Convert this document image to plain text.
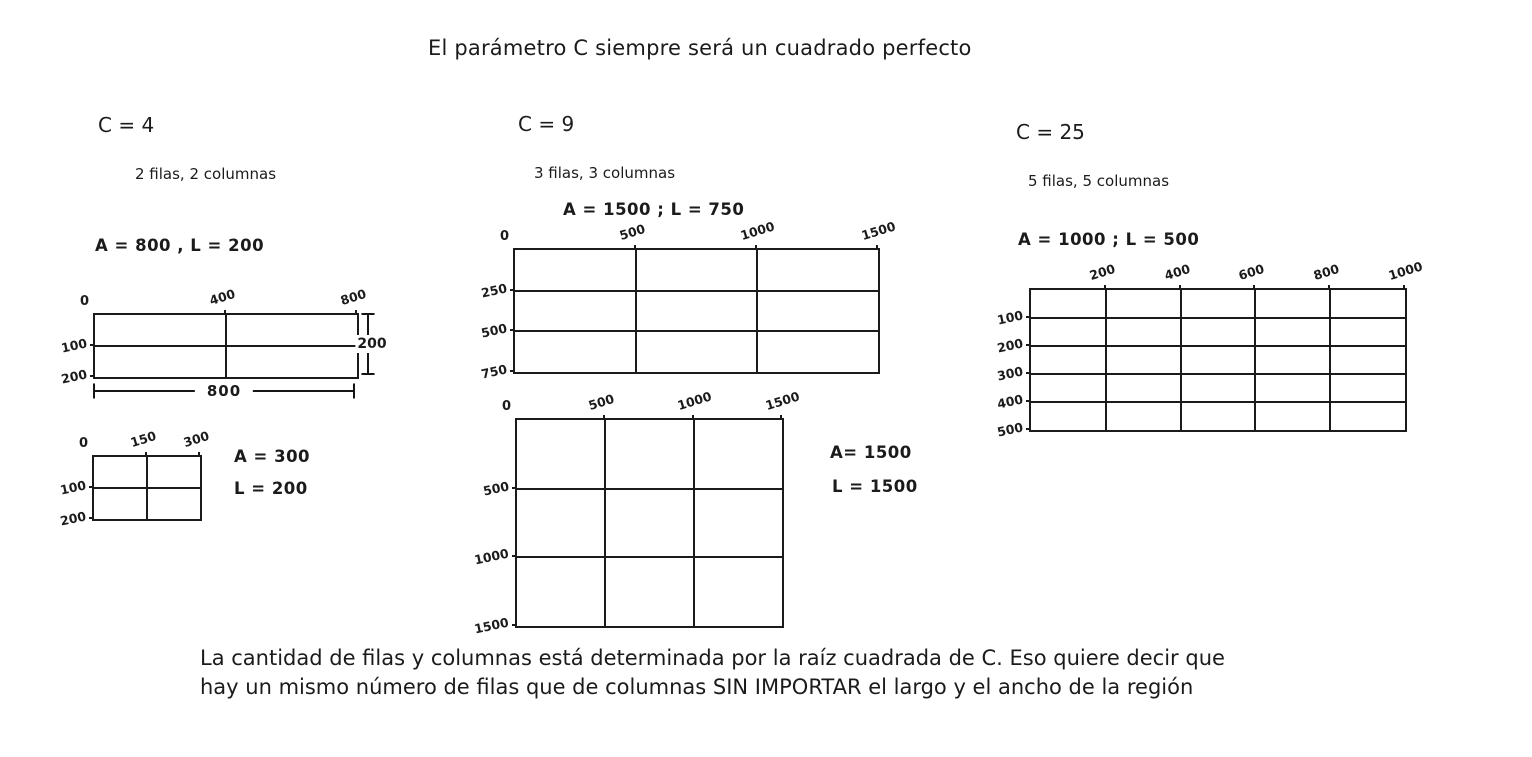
El parámetro C siempre será un cuadrado perfecto
C = 4
2 filas, 2 columnas
A = 800 , L = 200
0	400	800
100
200
200
800
0	150 300
100
200
A = 300
L = 200
C = 9
3 filas, 3 columnas
A = 1500 ; L = 750
0	500	1000	1500
250
500
750
0	500	1000	1500
500
1000
1500
A= 1500
L = 1500
C = 25
5 filas, 5 columnas
A = 1000 ; L = 500
200	400	600	800	1000
100
200
300
400
500
La cantidad de filas y columnas está determinada por la raíz cuadrada de C. Eso quiere decir que
hay un mismo número de filas que de columnas SIN IMPORTAR el largo y el ancho de la región
